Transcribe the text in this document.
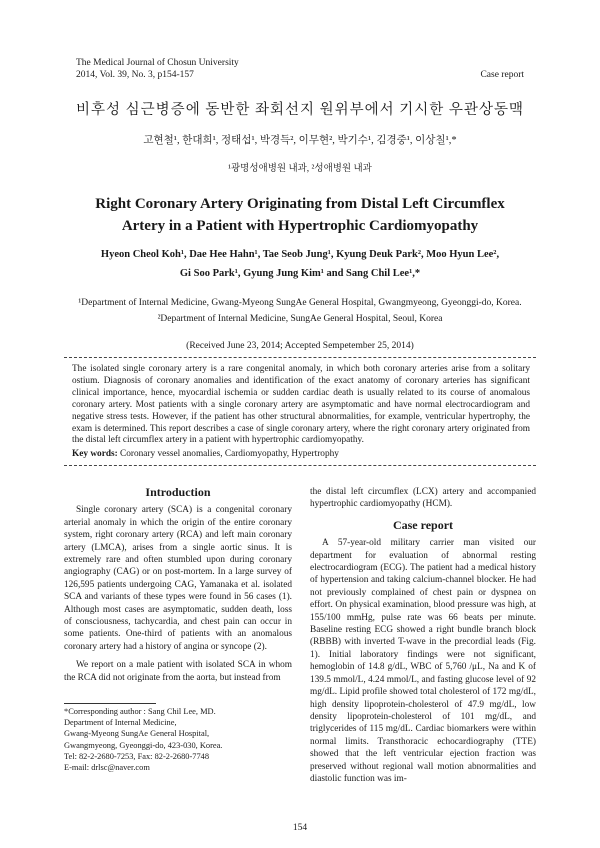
The Medical Journal of Chosun University
2014, Vol. 39, No. 3, p154-157	Case report
비후성 심근병증에 동반한 좌회선지 원위부에서 기시한 우관상동맥
고현철¹, 한대희¹, 정태섭¹, 박경득², 이무현², 박기수¹, 김경중¹, 이상칠¹,*
¹광명성애병원 내과, ²성애병원 내과
Right Coronary Artery Originating from Distal Left Circumflex
Artery in a Patient with Hypertrophic Cardiomyopathy
Hyeon Cheol Koh¹, Dae Hee Hahn¹, Tae Seob Jung¹, Kyung Deuk Park², Moo Hyun Lee²,
Gi Soo Park¹, Gyung Jung Kim¹ and Sang Chil Lee¹,*
¹Department of Internal Medicine, Gwang-Myeong SungAe General Hospital, Gwangmyeong, Gyeonggi-do, Korea.
²Department of Internal Medicine, SungAe General Hospital, Seoul, Korea
(Received June 23, 2014; Accepted Sempetember 25, 2014)
The isolated single coronary artery is a rare congenital anomaly, in which both coronary arteries arise from a solitary ostium. Diagnosis of coronary anomalies and identification of the exact anatomy of coronary arteries has significant clinical importance, hence, myocardial ischemia or sudden cardiac death is usually related to its course of anomalous coronary artery. Most patients with a single coronary artery are asymptomatic and have normal electrocardiogram and negative stress tests. However, if the patient has other structural abnormalities, for example, ventricular hypertrophy, the exam is determined. This report describes a case of single coronary artery, where the right coronary artery originated from the distal left circumflex artery in a patient with hypertrophic cardiomyopathy.
Key words: Coronary vessel anomalies, Cardiomyopathy, Hypertrophy
Introduction

Single coronary artery (SCA) is a congenital coronary arterial anomaly in which the origin of the entire coronary system, right coronary artery (RCA) and left main coronary artery (LMCA), arises from a single aortic sinus. It is extremely rare and often stumbled upon during coronary angiography (CAG) or on post-mortem. In a large survey of 126,595 patients undergoing CAG, Yamanaka et al. isolated SCA and variants of these types were found in 56 cases (1). Although most cases are asymptomatic, sudden death, loss of consciousness, tachycardia, and chest pain can occur in some patients. One-third of patients with an anomalous coronary artery had a history of angina or syncope (2).

We report on a male patient with isolated SCA in whom the RCA did not originate from the aorta, but instead from

*Corresponding author : Sang Chil Lee, MD.
Department of Internal Medicine,
Gwang-Myeong SungAe General Hospital,
Gwangmyeong, Gyeonggi-do, 423-030, Korea.
Tel: 82-2-2680-7253, Fax: 82-2-2680-7748
E-mail: drlsc@naver.com

the distal left circumflex (LCX) artery and accompanied hypertrophic cardiomyopathy (HCM).

Case report

A 57-year-old military carrier man visited our department for evaluation of abnormal resting electrocardiogram (ECG). The patient had a medical history of hypertension and taking calcium-channel blocker. He had not previously complained of chest pain or dyspnea on effort. On physical examination, blood pressure was high, at 155/100 mmHg, pulse rate was 66 beats per minute. Baseline resting ECG showed a right bundle branch block (RBBB) with inverted T-wave in the precordial leads (Fig. 1). Initial laboratory findings were not significant, hemoglobin of 14.8 g/dL, WBC of 5,760 /μL, Na and K of 139.5 mmol/L, 4.24 mmol/L, and fasting glucose level of 92 mg/dL. Lipid profile showed total cholesterol of 172 mg/dL, high density lipoprotein-cholesterol of 47.9 mg/dL, low density lipoprotein-cholesterol of 101 mg/dL, and triglycerides of 115 mg/dL. Cardiac biomarkers were within normal limits. Transthoracic echocardiography (TTE) showed that the left ventricular ejection fraction was preserved without regional wall motion abnormalities and diastolic function was im-

154
